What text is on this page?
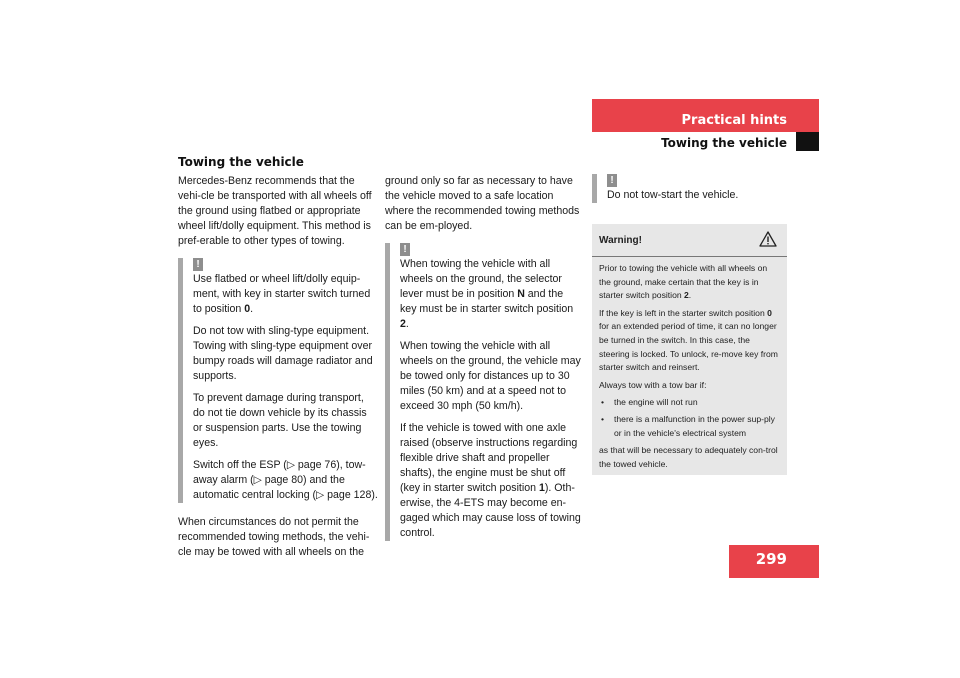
Practical hints
Towing the vehicle
Towing the vehicle

Mercedes-Benz recommends that the vehi-cle be transported with all wheels off the ground using flatbed or appropriate wheel lift/dolly equipment. This method is pref-erable to other types of towing.

!

Use flatbed or wheel lift/dolly equip-ment, with key in starter switch turned to position 0.

Do not tow with sling-type equipment. Towing with sling-type equipment over bumpy roads will damage radiator and supports.

To prevent damage during transport, do not tie down vehicle by its chassis or suspension parts. Use the towing eyes.

Switch off the ESP (▷ page 76), tow-away alarm (▷ page 80) and the automatic central locking (▷ page 128).

When circumstances do not permit the recommended towing methods, the vehi-cle may be towed with all wheels on the

ground only so far as necessary to have the vehicle moved to a safe location where the recommended towing methods can be em-ployed.

!

When towing the vehicle with all wheels on the ground, the selector lever must be in position N and the key must be in starter switch position 2.

When towing the vehicle with all wheels on the ground, the vehicle may be towed only for distances up to 30 miles (50 km) and at a speed not to exceed 30 mph (50 km/h).

If the vehicle is towed with one axle raised (observe instructions regarding flexible drive shaft and propeller shafts), the engine must be shut off (key in starter switch position 1). Oth-erwise, the 4-ETS may become en-gaged which may cause loss of towing control.

!

Do not tow-start the vehicle.

Warning!

Prior to towing the vehicle with all wheels on the ground, make certain that the key is in starter switch position 2.

If the key is left in the starter switch position 0 for an extended period of time, it can no longer be turned in the switch. In this case, the steering is locked. To unlock, re-move key from starter switch and reinsert.

Always tow with a tow bar if:

• the engine will not run
• there is a malfunction in the power sup-ply or in the vehicle's electrical system

as that will be necessary to adequately con-trol the towed vehicle.

299
